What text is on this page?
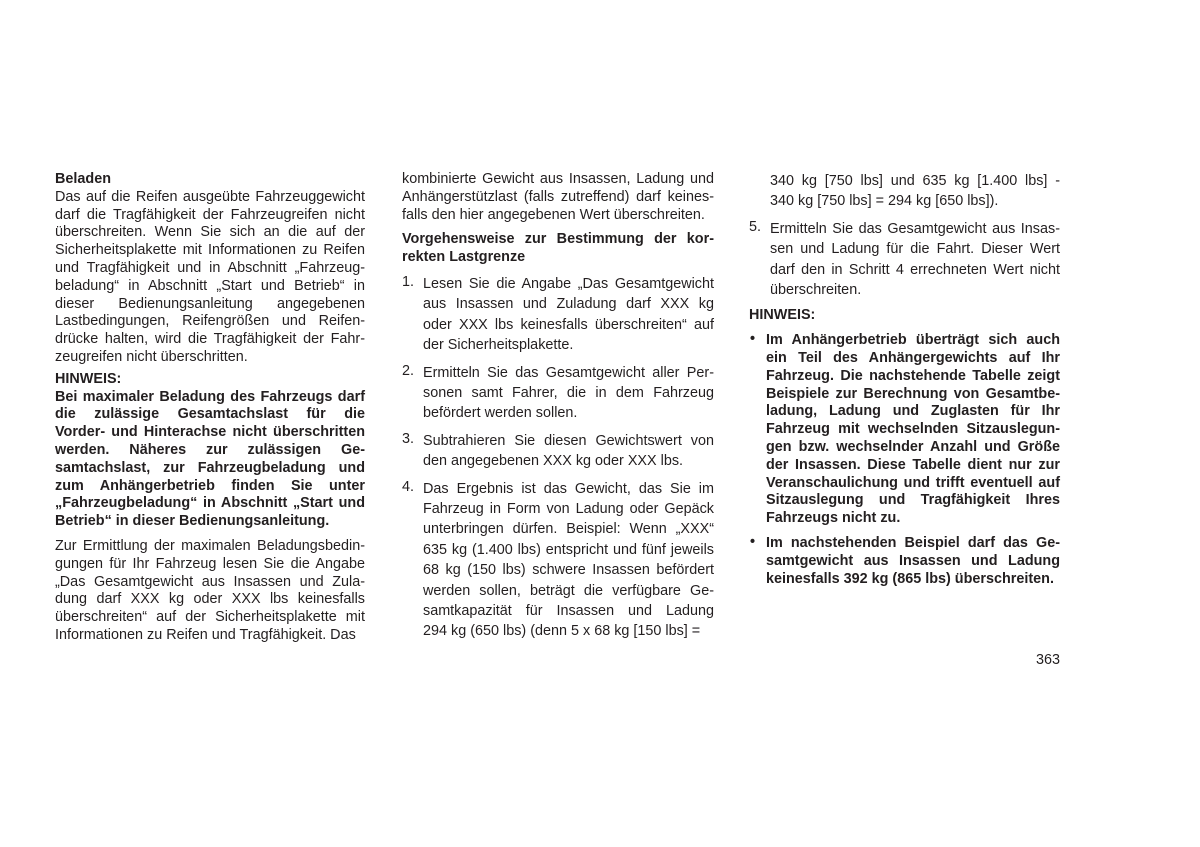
Beladen
Das auf die Reifen ausgeübte Fahrzeuggewicht
darf die Tragfähigkeit der Fahrzeugreifen nicht
überschreiten. Wenn Sie sich an die auf der
Sicherheitsplakette mit Informationen zu Reifen
und Tragfähigkeit und in Abschnitt „Fahrzeug-
beladung“ in Abschnitt „Start und Betrieb“ in
dieser Bedienungsanleitung angegebenen
Lastbedingungen, Reifengrößen und Reifen-
drücke halten, wird die Tragfähigkeit der Fahr-
zeugreifen nicht überschritten.
HINWEIS:
Bei maximaler Beladung des Fahrzeugs darf
die zulässige Gesamtachslast für die
Vorder- und Hinterachse nicht überschritten
werden. Näheres zur zulässigen Ge-
samtachslast, zur Fahrzeugbeladung und
zum Anhängerbetrieb finden Sie unter
„Fahrzeugbeladung“ in Abschnitt „Start und
Betrieb“ in dieser Bedienungsanleitung.
Zur Ermittlung der maximalen Beladungsbedin-
gungen für Ihr Fahrzeug lesen Sie die Angabe
„Das Gesamtgewicht aus Insassen und Zula-
dung darf XXX kg oder XXX lbs keinesfalls
überschreiten“ auf der Sicherheitsplakette mit
Informationen zu Reifen und Tragfähigkeit. Das
kombinierte Gewicht aus Insassen, Ladung und
Anhängerstützlast (falls zutreffend) darf keines-
falls den hier angegebenen Wert überschreiten.
Vorgehensweise zur Bestimmung der kor-
rekten Lastgrenze
1. Lesen Sie die Angabe „Das Gesamtgewicht
aus Insassen und Zuladung darf XXX kg
oder XXX lbs keinesfalls überschreiten“ auf
der Sicherheitsplakette.
2. Ermitteln Sie das Gesamtgewicht aller Per-
sonen samt Fahrer, die in dem Fahrzeug
befördert werden sollen.
3. Subtrahieren Sie diesen Gewichtswert von
den angegebenen XXX kg oder XXX lbs.
4. Das Ergebnis ist das Gewicht, das Sie im
Fahrzeug in Form von Ladung oder Gepäck
unterbringen dürfen. Beispiel: Wenn „XXX“
635 kg (1.400 lbs) entspricht und fünf jeweils
68 kg (150 lbs) schwere Insassen befördert
werden sollen, beträgt die verfügbare Ge-
samtkapazität für Insassen und Ladung
294 kg (650 lbs) (denn 5 x 68 kg [150 lbs] =
340 kg [750 lbs] und 635 kg [1.400 lbs] -
340 kg [750 lbs] = 294 kg [650 lbs]).
5. Ermitteln Sie das Gesamtgewicht aus Insas-
sen und Ladung für die Fahrt. Dieser Wert
darf den in Schritt 4 errechneten Wert nicht
überschreiten.
HINWEIS:
• Im Anhängerbetrieb überträgt sich auch
ein Teil des Anhängergewichts auf Ihr
Fahrzeug. Die nachstehende Tabelle zeigt
Beispiele zur Berechnung von Gesamtbe-
ladung, Ladung und Zuglasten für Ihr
Fahrzeug mit wechselnden Sitzauslegun-
gen bzw. wechselnder Anzahl und Größe
der Insassen. Diese Tabelle dient nur zur
Veranschaulichung und trifft eventuell auf
Sitzauslegung und Tragfähigkeit Ihres
Fahrzeugs nicht zu.
• Im nachstehenden Beispiel darf das Ge-
samtgewicht aus Insassen und Ladung
keinesfalls 392 kg (865 lbs) überschreiten.
363
